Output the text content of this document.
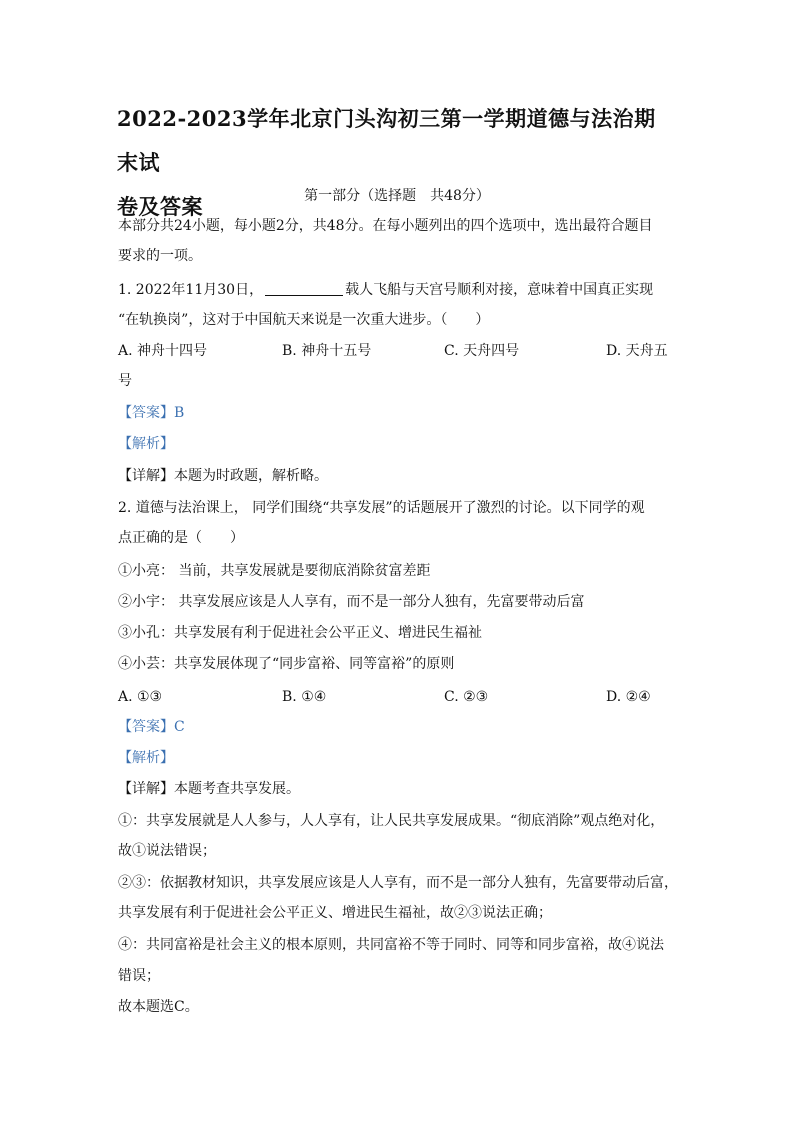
2022-2023学年北京门头沟初三第一学期道德与法治期末试
卷及答案	第一部分（选择题　共48分）
本部分共24小题，每小题2分，共48分。在每小题列出的四个选项中，选出最符合题目
要求的一项。
1. 2022年11月30日，	载人飞船与天宫号顺利对接，意味着中国真正实现
“在轨换岗”，这对于中国航天来说是一次重大进步。（　　）
A. 神舟十四号	B. 神舟十五号	C. 天舟四号	D. 天舟五
号
【答案】B
【解析】
【详解】本题为时政题，解析略。
2. 道德与法治课上， 同学们围绕“共享发展”的话题展开了激烈的讨论。以下同学的观
点正确的是（　　）
①小亮： 当前，共享发展就是要彻底消除贫富差距
②小宇： 共享发展应该是人人享有，而不是一部分人独有，先富要带动后富
③小孔：共享发展有利于促进社会公平正义、增进民生福祉
④小芸：共享发展体现了“同步富裕、同等富裕”的原则
A. ①③	B. ①④	C. ②③	D. ②④
【答案】C
【解析】
【详解】本题考查共享发展。
①：共享发展就是人人参与，人人享有，让人民共享发展成果。“彻底消除”观点绝对化，
故①说法错误；
②③：依据教材知识，共享发展应该是人人享有，而不是一部分人独有，先富要带动后富，
共享发展有利于促进社会公平正义、增进民生福祉，故②③说法正确；
④：共同富裕是社会主义的根本原则，共同富裕不等于同时、同等和同步富裕，故④说法
错误；
故本题选C。
